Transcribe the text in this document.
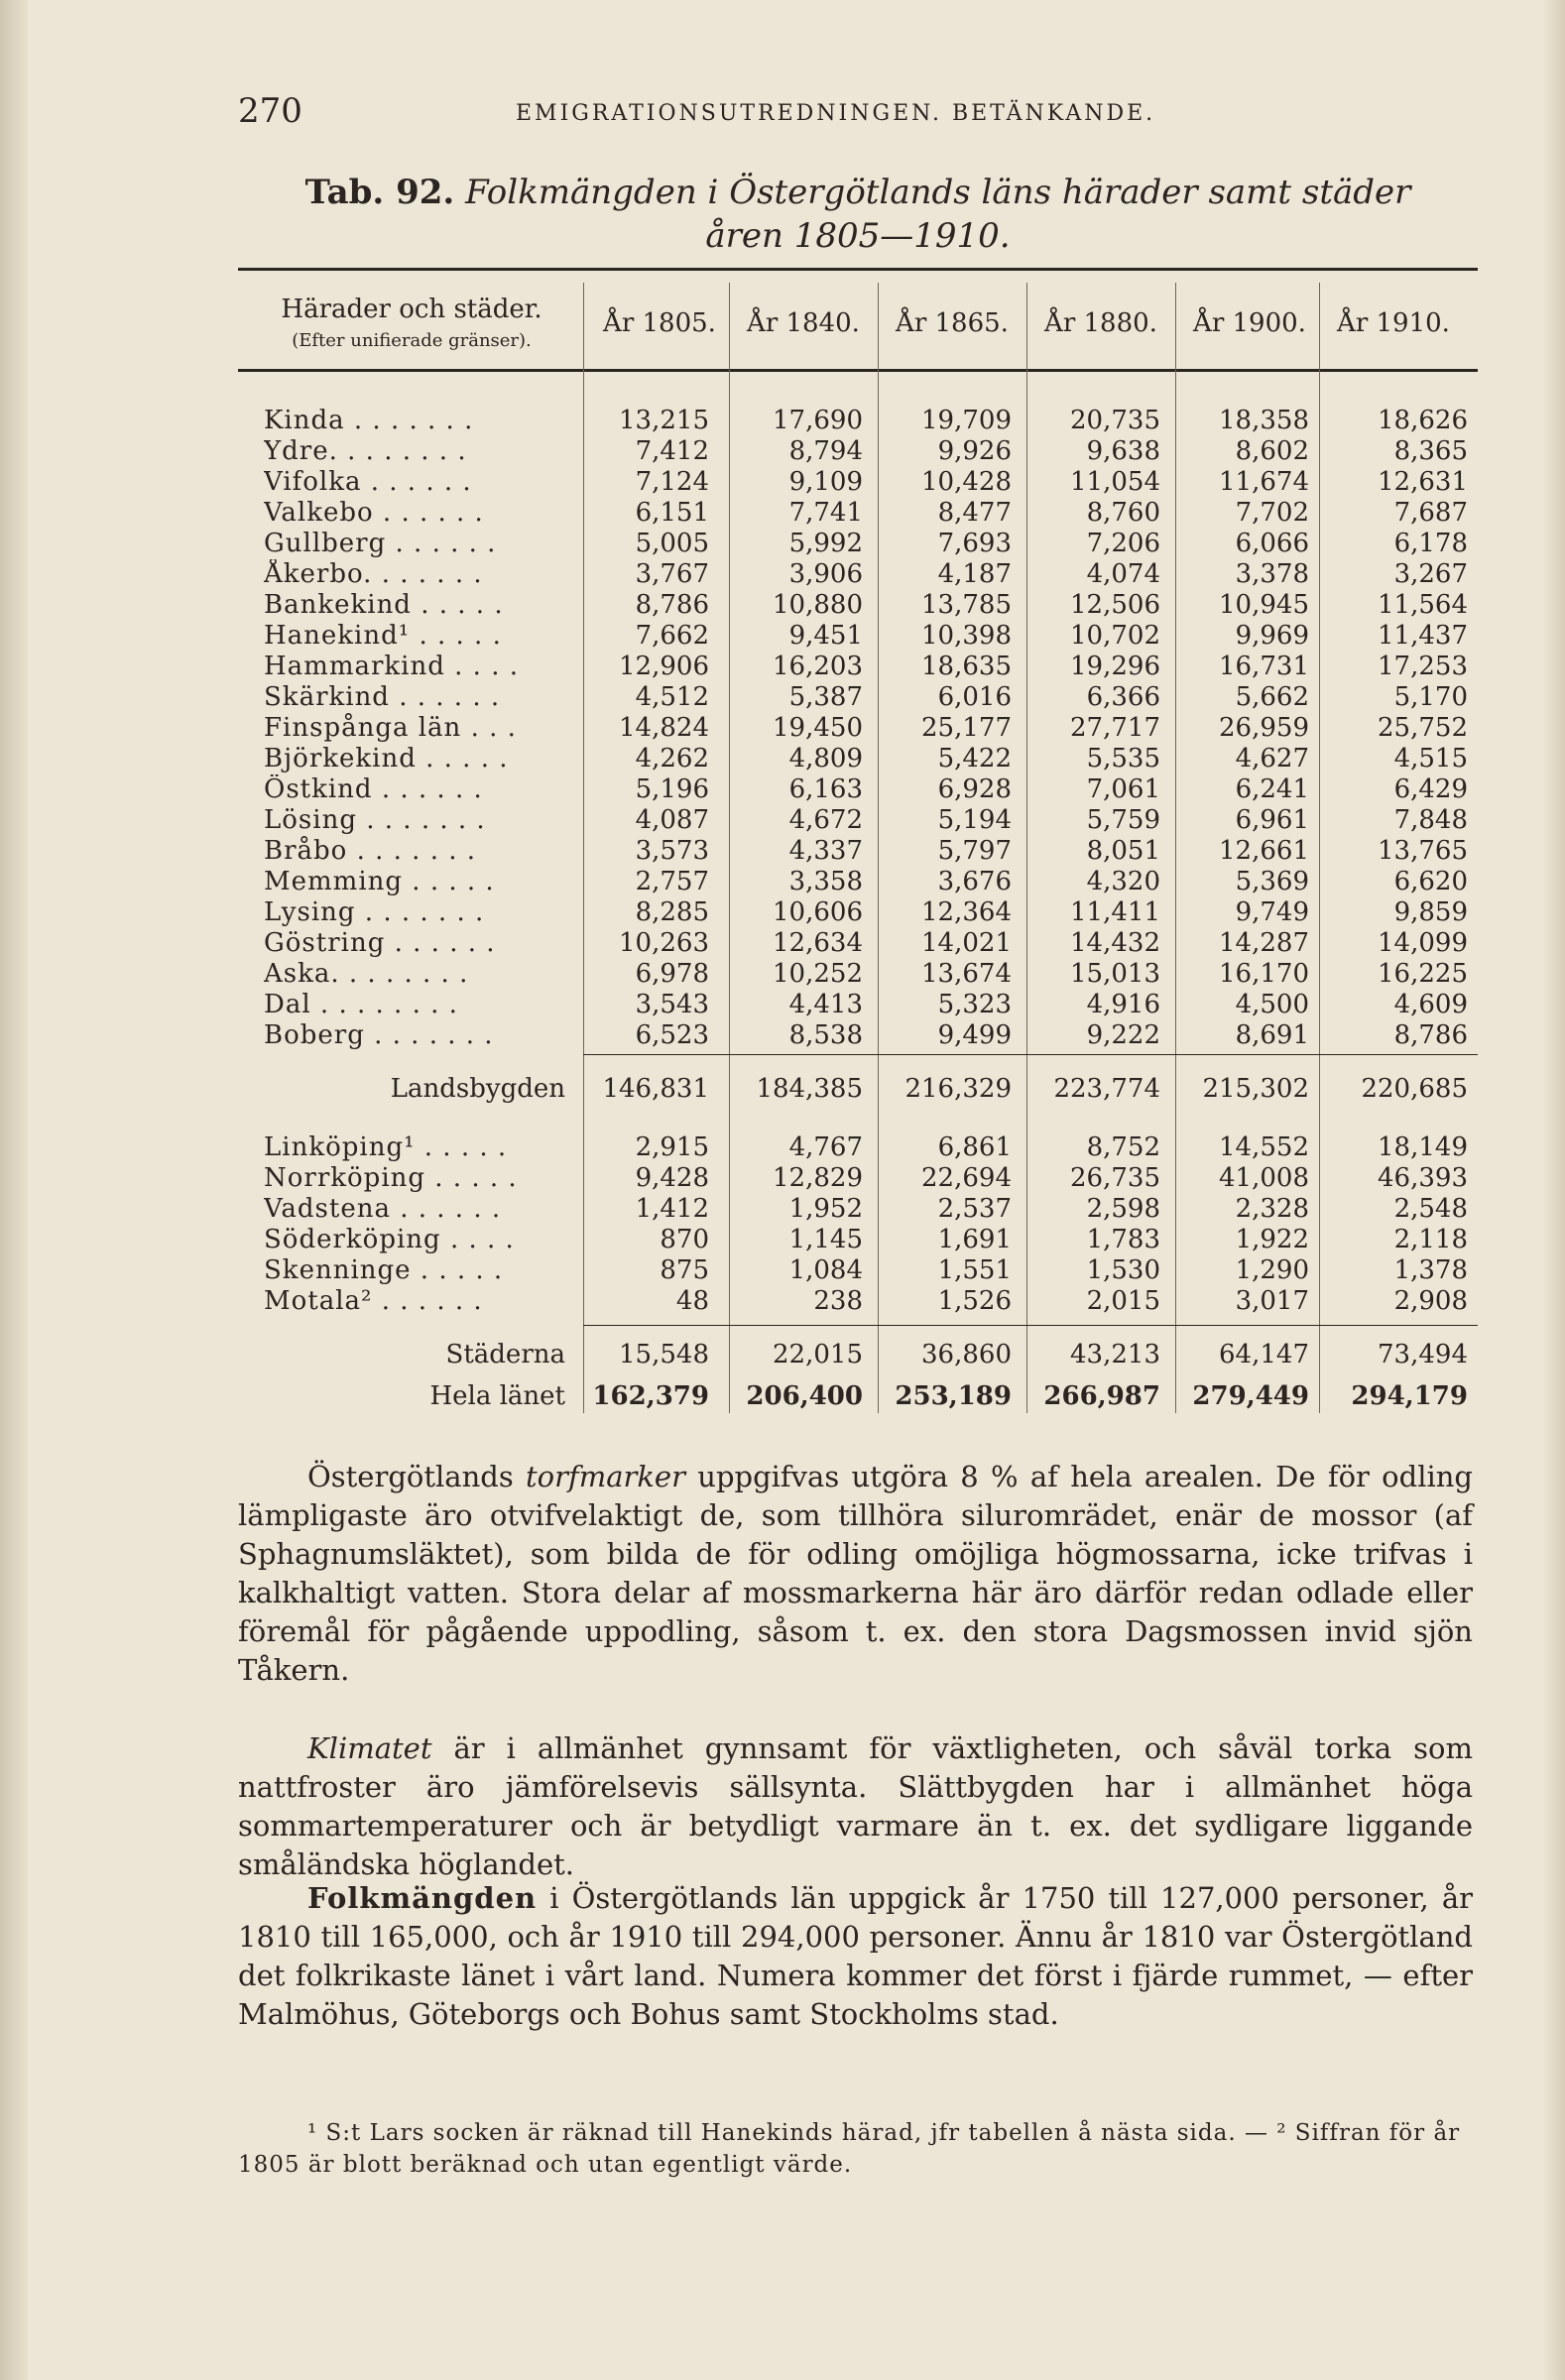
270	EMIGRATIONSUTREDNINGEN. BETÄNKANDE.
Tab. 92. Folkmängden i Östergötlands läns härader samt städer
åren 1805—1910.
Härader och städer.
(Efter unifierade gränser).
År 1805.	År 1840.	År 1865.	År 1880.	År 1900.	År 1910.
Kinda . . . . . . .	13,215 17,690 19,709 20,735 18,358	18,626
Ydre. . . . . . . .	7,412	8,794	9,926	9,638	8,602	8,365
Vifolka . . . . . .	7,124	9,109 10,428 11,054 11,674	12,631
Valkebo . . . . . .	6,151	7,741	8,477	8,760	7,702	7,687
Gullberg . . . . . .	5,005	5,992	7,693	7,206	6,066	6,178
Åkerbo. . . . . . .	3,767	3,906	4,187	4,074	3,378	3,267
Bankekind . . . . .	8,786 10,880 13,785 12,506 10,945	11,564
Hanekind¹ . . . . .	7,662	9,451 10,398 10,702	9,969	11,437
Hammarkind . . . .	12,906 16,203 18,635 19,296 16,731	17,253
Skärkind . . . . . .	4,512	5,387	6,016	6,366	5,662	5,170
Finspånga län . . .	14,824 19,450 25,177 27,717 26,959	25,752
Björkekind . . . . .	4,262	4,809	5,422	5,535	4,627	4,515
Östkind . . . . . .	5,196	6,163	6,928	7,061	6,241	6,429
Lösing . . . . . . .	4,087	4,672	5,194	5,759	6,961	7,848
Bråbo . . . . . . .	3,573	4,337	5,797	8,051 12,661	13,765
Memming . . . . .	2,757	3,358	3,676	4,320	5,369	6,620
Lysing . . . . . . .	8,285 10,606 12,364 11,411	9,749	9,859
Göstring . . . . . .	10,263 12,634 14,021 14,432 14,287	14,099
Aska. . . . . . . .	6,978 10,252 13,674 15,013 16,170	16,225
Dal . . . . . . . .	3,543	4,413	5,323	4,916	4,500	4,609
Boberg . . . . . . .	6,523	8,538	9,499	9,222	8,691	8,786
Landsbygden 146,831 184,385 216,329 223,774 215,302 220,685
Linköping¹ . . . . .	2,915	4,767	6,861	8,752 14,552	18,149
Norrköping . . . . .	9,428 12,829 22,694 26,735 41,008	46,393
Vadstena . . . . . .	1,412	1,952	2,537	2,598	2,328	2,548
Söderköping . . . .	870	1,145	1,691	1,783	1,922	2,118
Skenninge . . . . .	875	1,084	1,551	1,530	1,290	1,378
Motala² . . . . . .	48	238	1,526	2,015	3,017	2,908
Städerna 15,548 22,015 36,860 43,213 64,147	73,494
Hela länet 162,379 206,400 253,189 266,987 279,449 294,179
Östergötlands torfmarker uppgifvas utgöra 8 % af hela arealen. De för odling lämpligaste äro otvifvelaktigt de, som tillhöra siluromrädet, enär de mossor (af Sphagnumsläktet), som bilda de för odling omöjliga högmossarna, icke trifvas i kalkhaltigt vatten. Stora delar af mossmarkerna här äro därför redan odlade eller föremål för pågående uppodling, såsom t. ex. den stora Dagsmossen invid sjön Tåkern.
Klimatet är i allmänhet gynnsamt för växtligheten, och såväl torka som nattfroster äro jämförelsevis sällsynta. Slättbygden har i allmänhet höga sommartemperaturer och är betydligt varmare än t. ex. det sydligare liggande småländska höglandet.
Folkmängden i Östergötlands län uppgick år 1750 till 127,000 personer, år 1810 till 165,000, och år 1910 till 294,000 personer. Ännu år 1810 var Östergötland det folkrikaste länet i vårt land. Numera kommer det först i fjärde rummet, — efter Malmöhus, Göteborgs och Bohus samt Stockholms stad.
¹ S:t Lars socken är räknad till Hanekinds härad, jfr tabellen å nästa sida. — ² Siffran för år 1805 är blott beräknad och utan egentligt värde.
